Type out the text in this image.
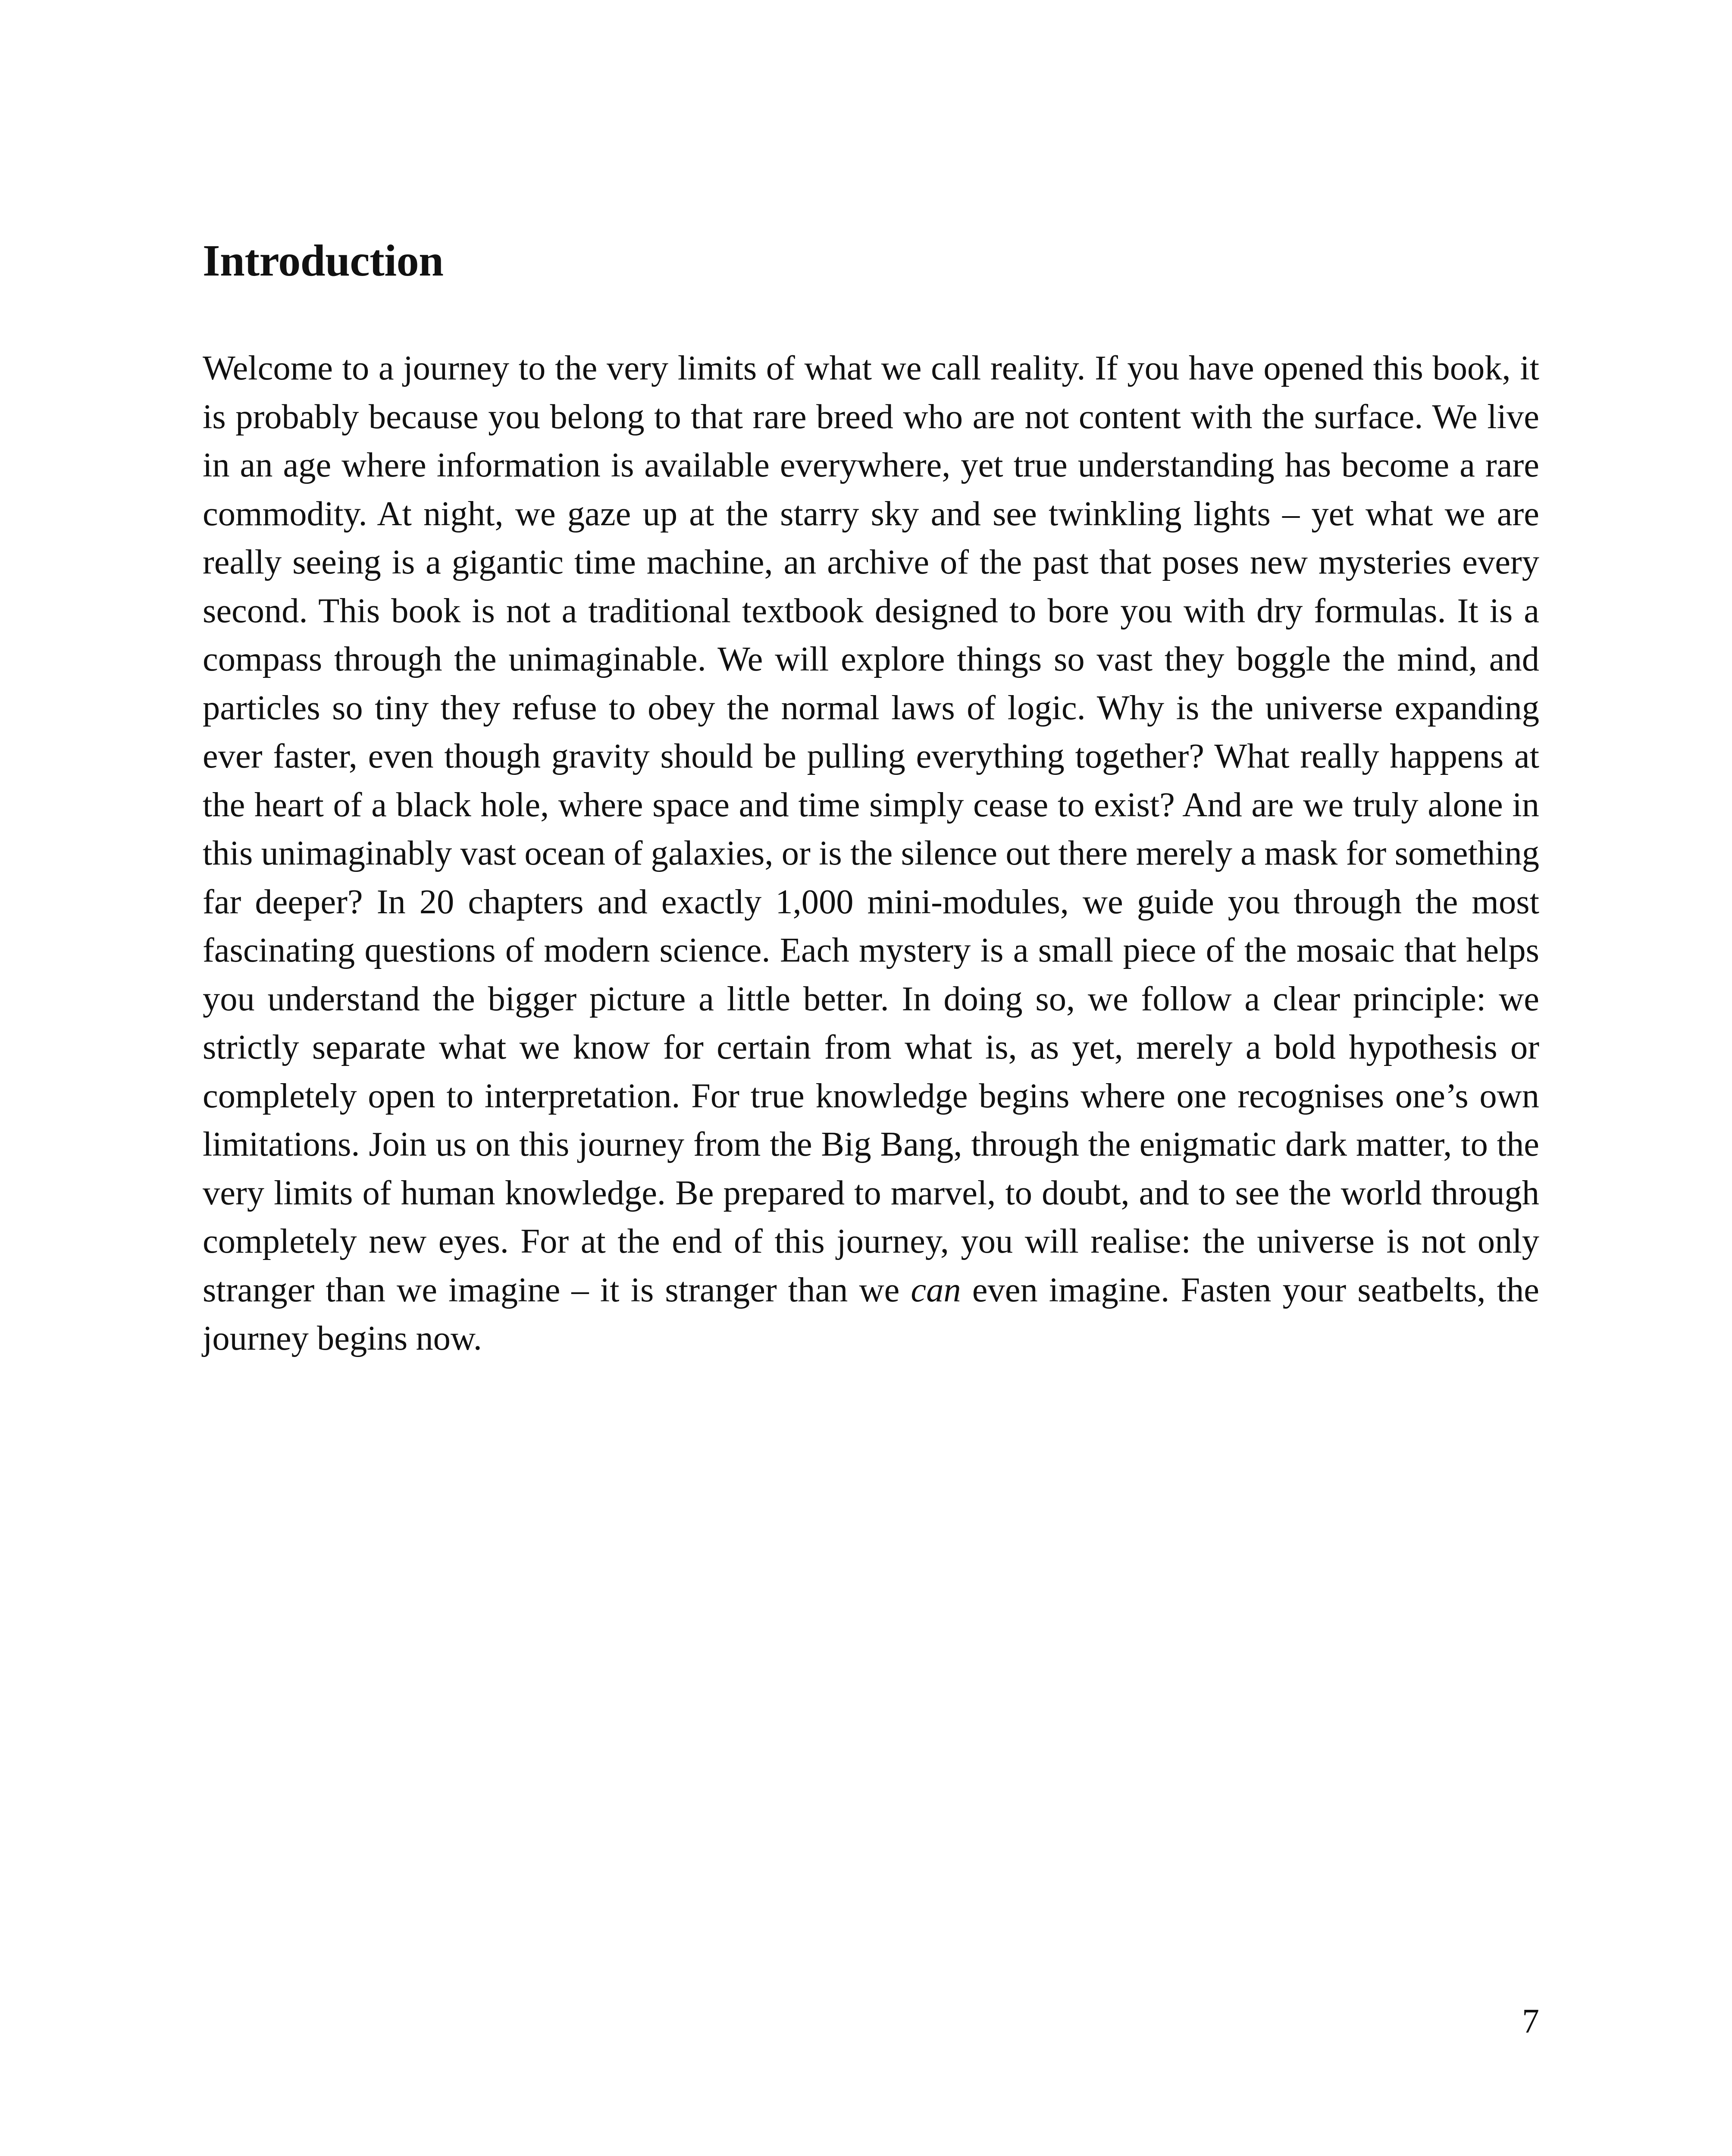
Introduction

Welcome to a journey to the very limits of what we call reality. If you have opened this book, it is probably because you belong to that rare breed who are not content with the surface. We live in an age where information is available everywhere, yet true understanding has become a rare commodity. At night, we gaze up at the starry sky and see twinkling lights – yet what we are really seeing is a gigantic time machine, an archive of the past that poses new mysteries every second. This book is not a traditional textbook designed to bore you with dry formulas. It is a compass through the unimaginable. We will explore things so vast they boggle the mind, and particles so tiny they refuse to obey the normal laws of logic. Why is the universe expanding ever faster, even though gravity should be pulling everything together? What really happens at the heart of a black hole, where space and time simply cease to exist? And are we truly alone in this unimaginably vast ocean of galaxies, or is the silence out there merely a mask for something far deeper? In 20 chapters and exactly 1,000 mini-modules, we guide you through the most fascinating questions of modern science. Each mystery is a small piece of the mosaic that helps you understand the bigger picture a little better. In doing so, we follow a clear principle: we strictly separate what we know for certain from what is, as yet, merely a bold hypothesis or completely open to interpretation. For true knowledge begins where one recognises one’s own limitations. Join us on this journey from the Big Bang, through the enigmatic dark matter, to the very limits of human knowledge. Be prepared to marvel, to doubt, and to see the world through completely new eyes. For at the end of this journey, you will realise: the universe is not only stranger than we imagine – it is stranger than we can even imagine. Fasten your seatbelts, the journey begins now.

7
